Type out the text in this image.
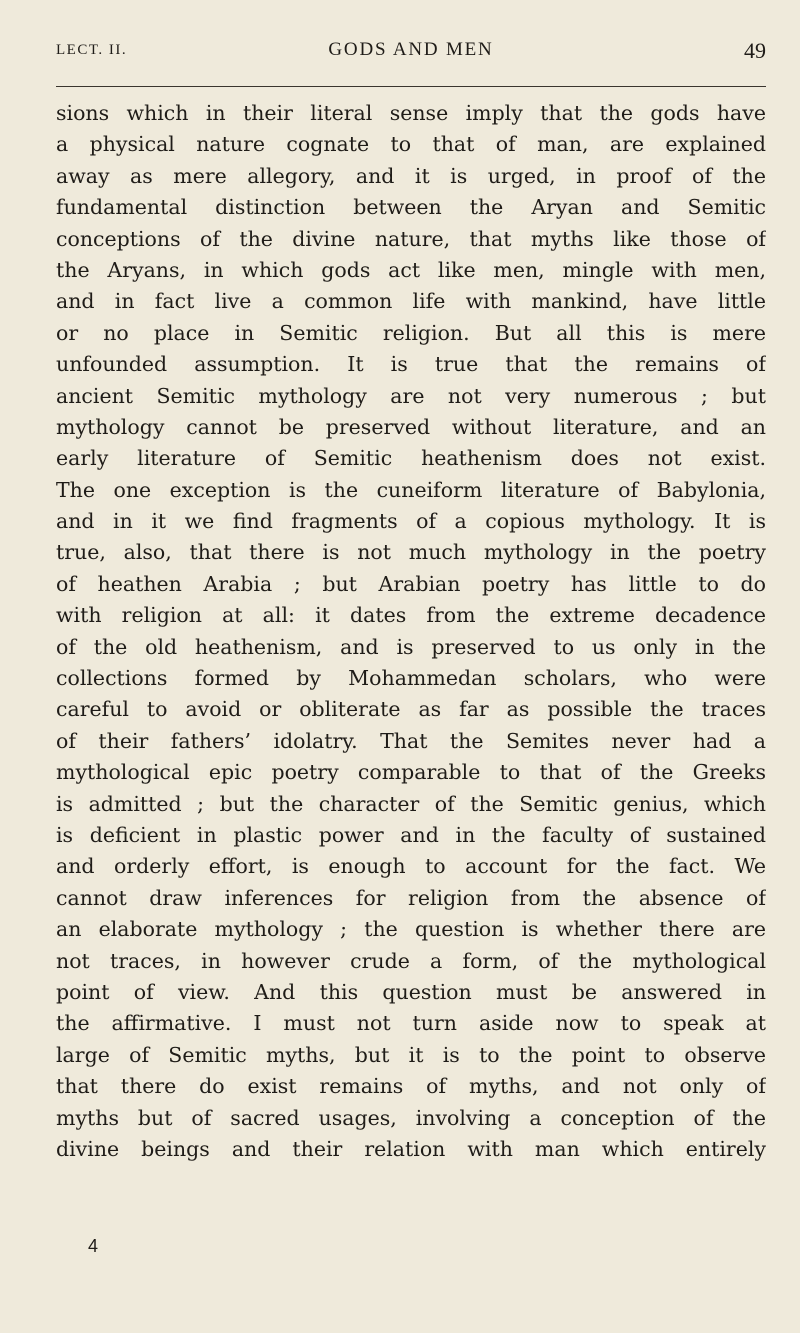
LECT. II.	GODS AND MEN	49
sions which in their literal sense imply that the gods have
a physical nature cognate to that of man, are explained
away as mere allegory, and it is urged, in proof of the
fundamental distinction between the Aryan and Semitic
conceptions of the divine nature, that myths like those of
the Aryans, in which gods act like men, mingle with men,
and in fact live a common life with mankind, have little
or no place in Semitic religion. But all this is mere
unfounded assumption. It is true that the remains of
ancient Semitic mythology are not very numerous ; but
mythology cannot be preserved without literature, and an
early literature of Semitic heathenism does not exist.
The one exception is the cuneiform literature of Babylonia,
and in it we find fragments of a copious mythology. It is
true, also, that there is not much mythology in the poetry
of heathen Arabia ; but Arabian poetry has little to do
with religion at all: it dates from the extreme decadence
of the old heathenism, and is preserved to us only in the
collections formed by Mohammedan scholars, who were
careful to avoid or obliterate as far as possible the traces
of their fathers’ idolatry. That the Semites never had a
mythological epic poetry comparable to that of the Greeks
is admitted ; but the character of the Semitic genius, which
is deficient in plastic power and in the faculty of sustained
and orderly effort, is enough to account for the fact. We
cannot draw inferences for religion from the absence of
an elaborate mythology ; the question is whether there are
not traces, in however crude a form, of the mythological
point of view. And this question must be answered in
the affirmative. I must not turn aside now to speak at
large of Semitic myths, but it is to the point to observe
that there do exist remains of myths, and not only of
myths but of sacred usages, involving a conception of the
divine beings and their relation with man which entirely
4
